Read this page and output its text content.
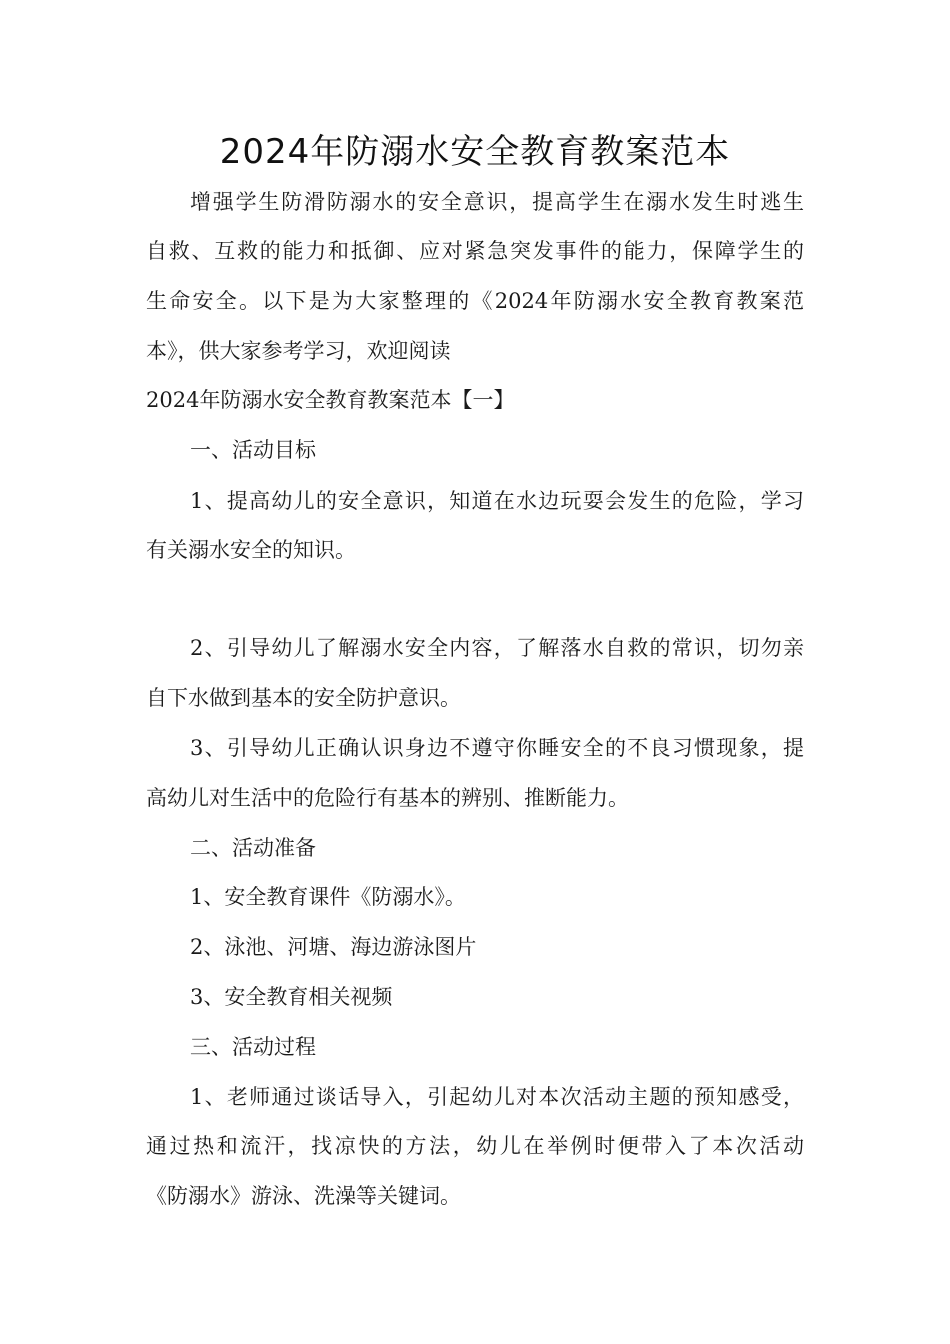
2024年防溺水安全教育教案范本
增强学生防滑防溺水的安全意识，提高学生在溺水发生时逃生
自救、互救的能力和抵御、应对紧急突发事件的能力，保障学生的
生命安全。以下是为大家整理的《2024年防溺水安全教育教案范
本》，供大家参考学习，欢迎阅读
2024年防溺水安全教育教案范本【一】
一、活动目标
1、提高幼儿的安全意识，知道在水边玩耍会发生的危险，学习
有关溺水安全的知识。
2、引导幼儿了解溺水安全内容，了解落水自救的常识，切勿亲
自下水做到基本的安全防护意识。
3、引导幼儿正确认识身边不遵守你睡安全的不良习惯现象，提
高幼儿对生活中的危险行有基本的辨别、推断能力。
二、活动准备
1、安全教育课件《防溺水》。
2、泳池、河塘、海边游泳图片
3、安全教育相关视频
三、活动过程
1、老师通过谈话导入，引起幼儿对本次活动主题的预知感受，
通过热和流汗，找凉快的方法，幼儿在举例时便带入了本次活动
《防溺水》游泳、洗澡等关键词。
